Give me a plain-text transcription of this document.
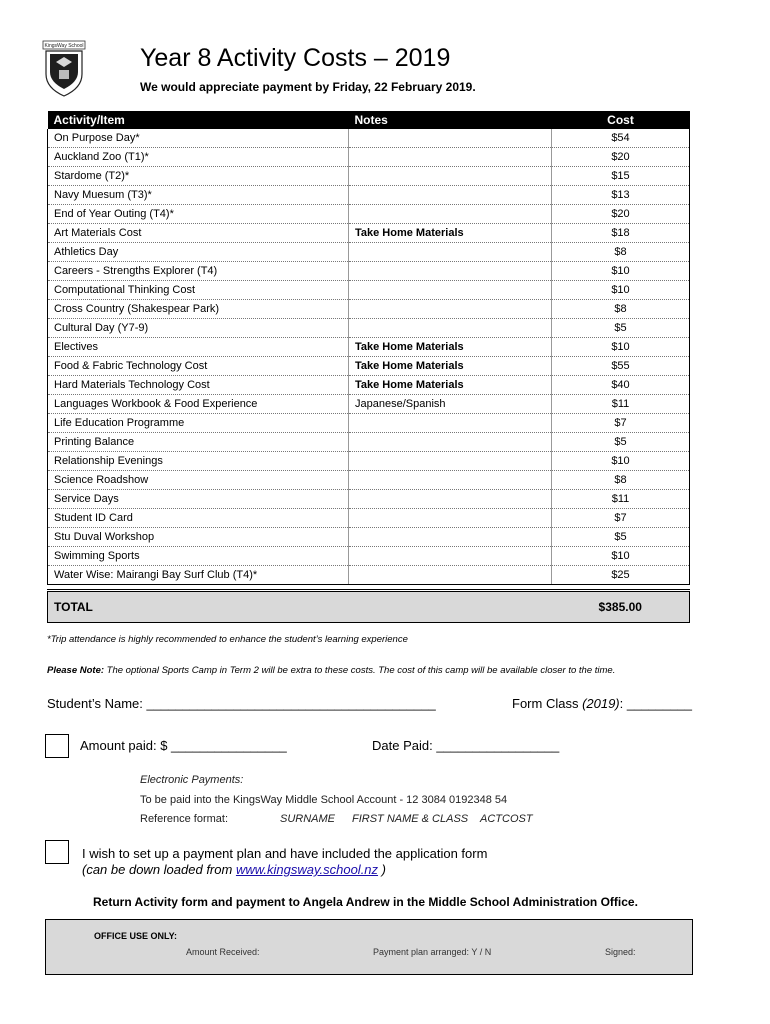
KingsWay School Year 8 Activity Costs – 2019
We would appreciate payment by Friday, 22 February 2019.
Activity/Item	Notes	Cost
On Purpose Day*		$54
Auckland Zoo (T1)*		$20
Stardome (T2)*		$15
Navy Muesum (T3)*		$13
End of Year Outing (T4)*		$20
Art Materials Cost	Take Home Materials	$18
Athletics Day		$8
Careers - Strengths Explorer (T4)		$10
Computational Thinking Cost		$10
Cross Country (Shakespear Park)		$8
Cultural Day (Y7-9)		$5
Electives	Take Home Materials	$10
Food & Fabric Technology Cost	Take Home Materials	$55
Hard Materials Technology Cost	Take Home Materials	$40
Languages Workbook & Food Experience	Japanese/Spanish	$11
Life Education Programme		$7
Printing Balance		$5
Relationship Evenings		$10
Science Roadshow		$8
Service Days		$11
Student ID Card		$7
Stu Duval Workshop		$5
Swimming Sports		$10
Water Wise: Mairangi Bay Surf Club (T4)*		$25

TOTAL		$385.00
*Trip attendance is highly recommended to enhance the student’s learning experience
Please Note: The optional Sports Camp in Term 2 will be extra to these costs. The cost of this camp will be available closer to the time.
Student’s Name: ________________________________________	Form Class (2019): _________
Amount paid: $ ________________	Date Paid: _________________
Electronic Payments:
To be paid into the KingsWay Middle School Account - 12 3084 0192348 54
Reference format:	SURNAME FIRST NAME & CLASS ACTCOST
I wish to set up a payment plan and have included the application form
(can be down loaded from www.kingsway.school.nz )
Return Activity form and payment to Angela Andrew in the Middle School Administration Office.
OFFICE USE ONLY:
Amount Received:	Payment plan arranged: Y / N	Signed:
